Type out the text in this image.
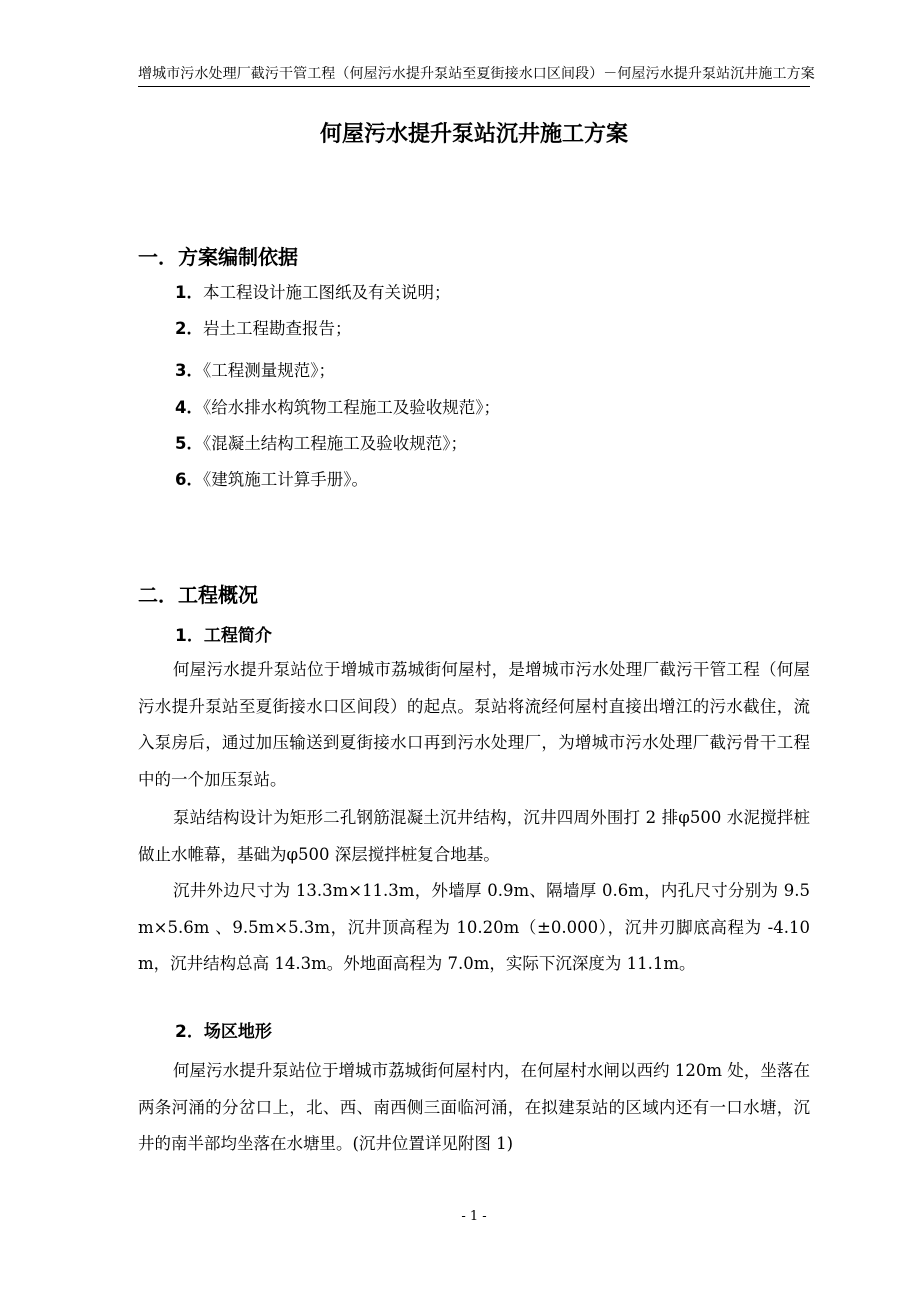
增城市污水处理厂截污干管工程（何屋污水提升泵站至夏街接水口区间段）－何屋污水提升泵站沉井施工方案
何屋污水提升泵站沉井施工方案
一．方案编制依据
1．本工程设计施工图纸及有关说明；
2．岩土工程勘查报告；
3．《工程测量规范》；
4．《给水排水构筑物工程施工及验收规范》；
5．《混凝土结构工程施工及验收规范》；
6．《建筑施工计算手册》。
二．工程概况
1．工程简介
何屋污水提升泵站位于增城市荔城街何屋村，是增城市污水处理厂截污干管工程（何屋污水提升泵站至夏街接水口区间段）的起点。泵站将流经何屋村直接出增江的污水截住，流入泵房后，通过加压输送到夏街接水口再到污水处理厂，为增城市污水处理厂截污骨干工程中的一个加压泵站。
泵站结构设计为矩形二孔钢筋混凝土沉井结构，沉井四周外围打 2 排φ500 水泥搅拌桩做止水帷幕，基础为φ500 深层搅拌桩复合地基。
沉井外边尺寸为 13.3m×11.3m，外墙厚 0.9m、隔墙厚 0.6m，内孔尺寸分别为 9.5m×5.6m 、9.5m×5.3m，沉井顶高程为 10.20m（±0.000），沉井刃脚底高程为 -4.10m，沉井结构总高 14.3m。外地面高程为 7.0m，实际下沉深度为 11.1m。
2．场区地形
何屋污水提升泵站位于增城市荔城街何屋村内，在何屋村水闸以西约 120m 处，坐落在两条河涌的分岔口上，北、西、南西侧三面临河涌，在拟建泵站的区域内还有一口水塘，沉井的南半部均坐落在水塘里。(沉井位置详见附图 1)
- 1 -
